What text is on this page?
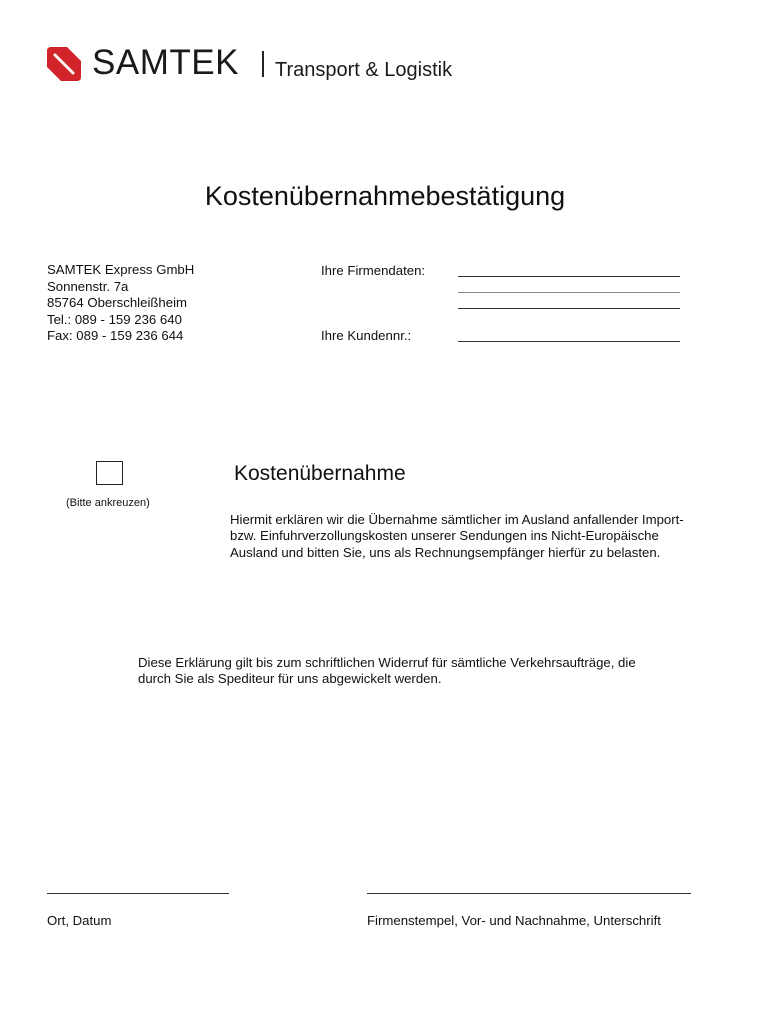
SAMTEK Transport & Logistik
Kostenübernahmebestätigung
SAMTEK Express GmbH
Sonnenstr. 7a
85764 Oberschleißheim
Tel.: 089 - 159 236 640
Fax: 089 - 159 236 644
Ihre Firmendaten:
Ihre Kundennr.:
(Bitte ankreuzen)
Kostenübernahme
Hiermit erklären wir die Übernahme sämtlicher im Ausland anfallender Import-
bzw. Einfuhrverzollungskosten unserer Sendungen ins Nicht-Europäische
Ausland und bitten Sie, uns als Rechnungsempfänger hierfür zu belasten.
Diese Erklärung gilt bis zum schriftlichen Widerruf für sämtliche Verkehrsaufträge, die
durch Sie als Spediteur für uns abgewickelt werden.
Ort, Datum	Firmenstempel, Vor- und Nachnahme, Unterschrift
